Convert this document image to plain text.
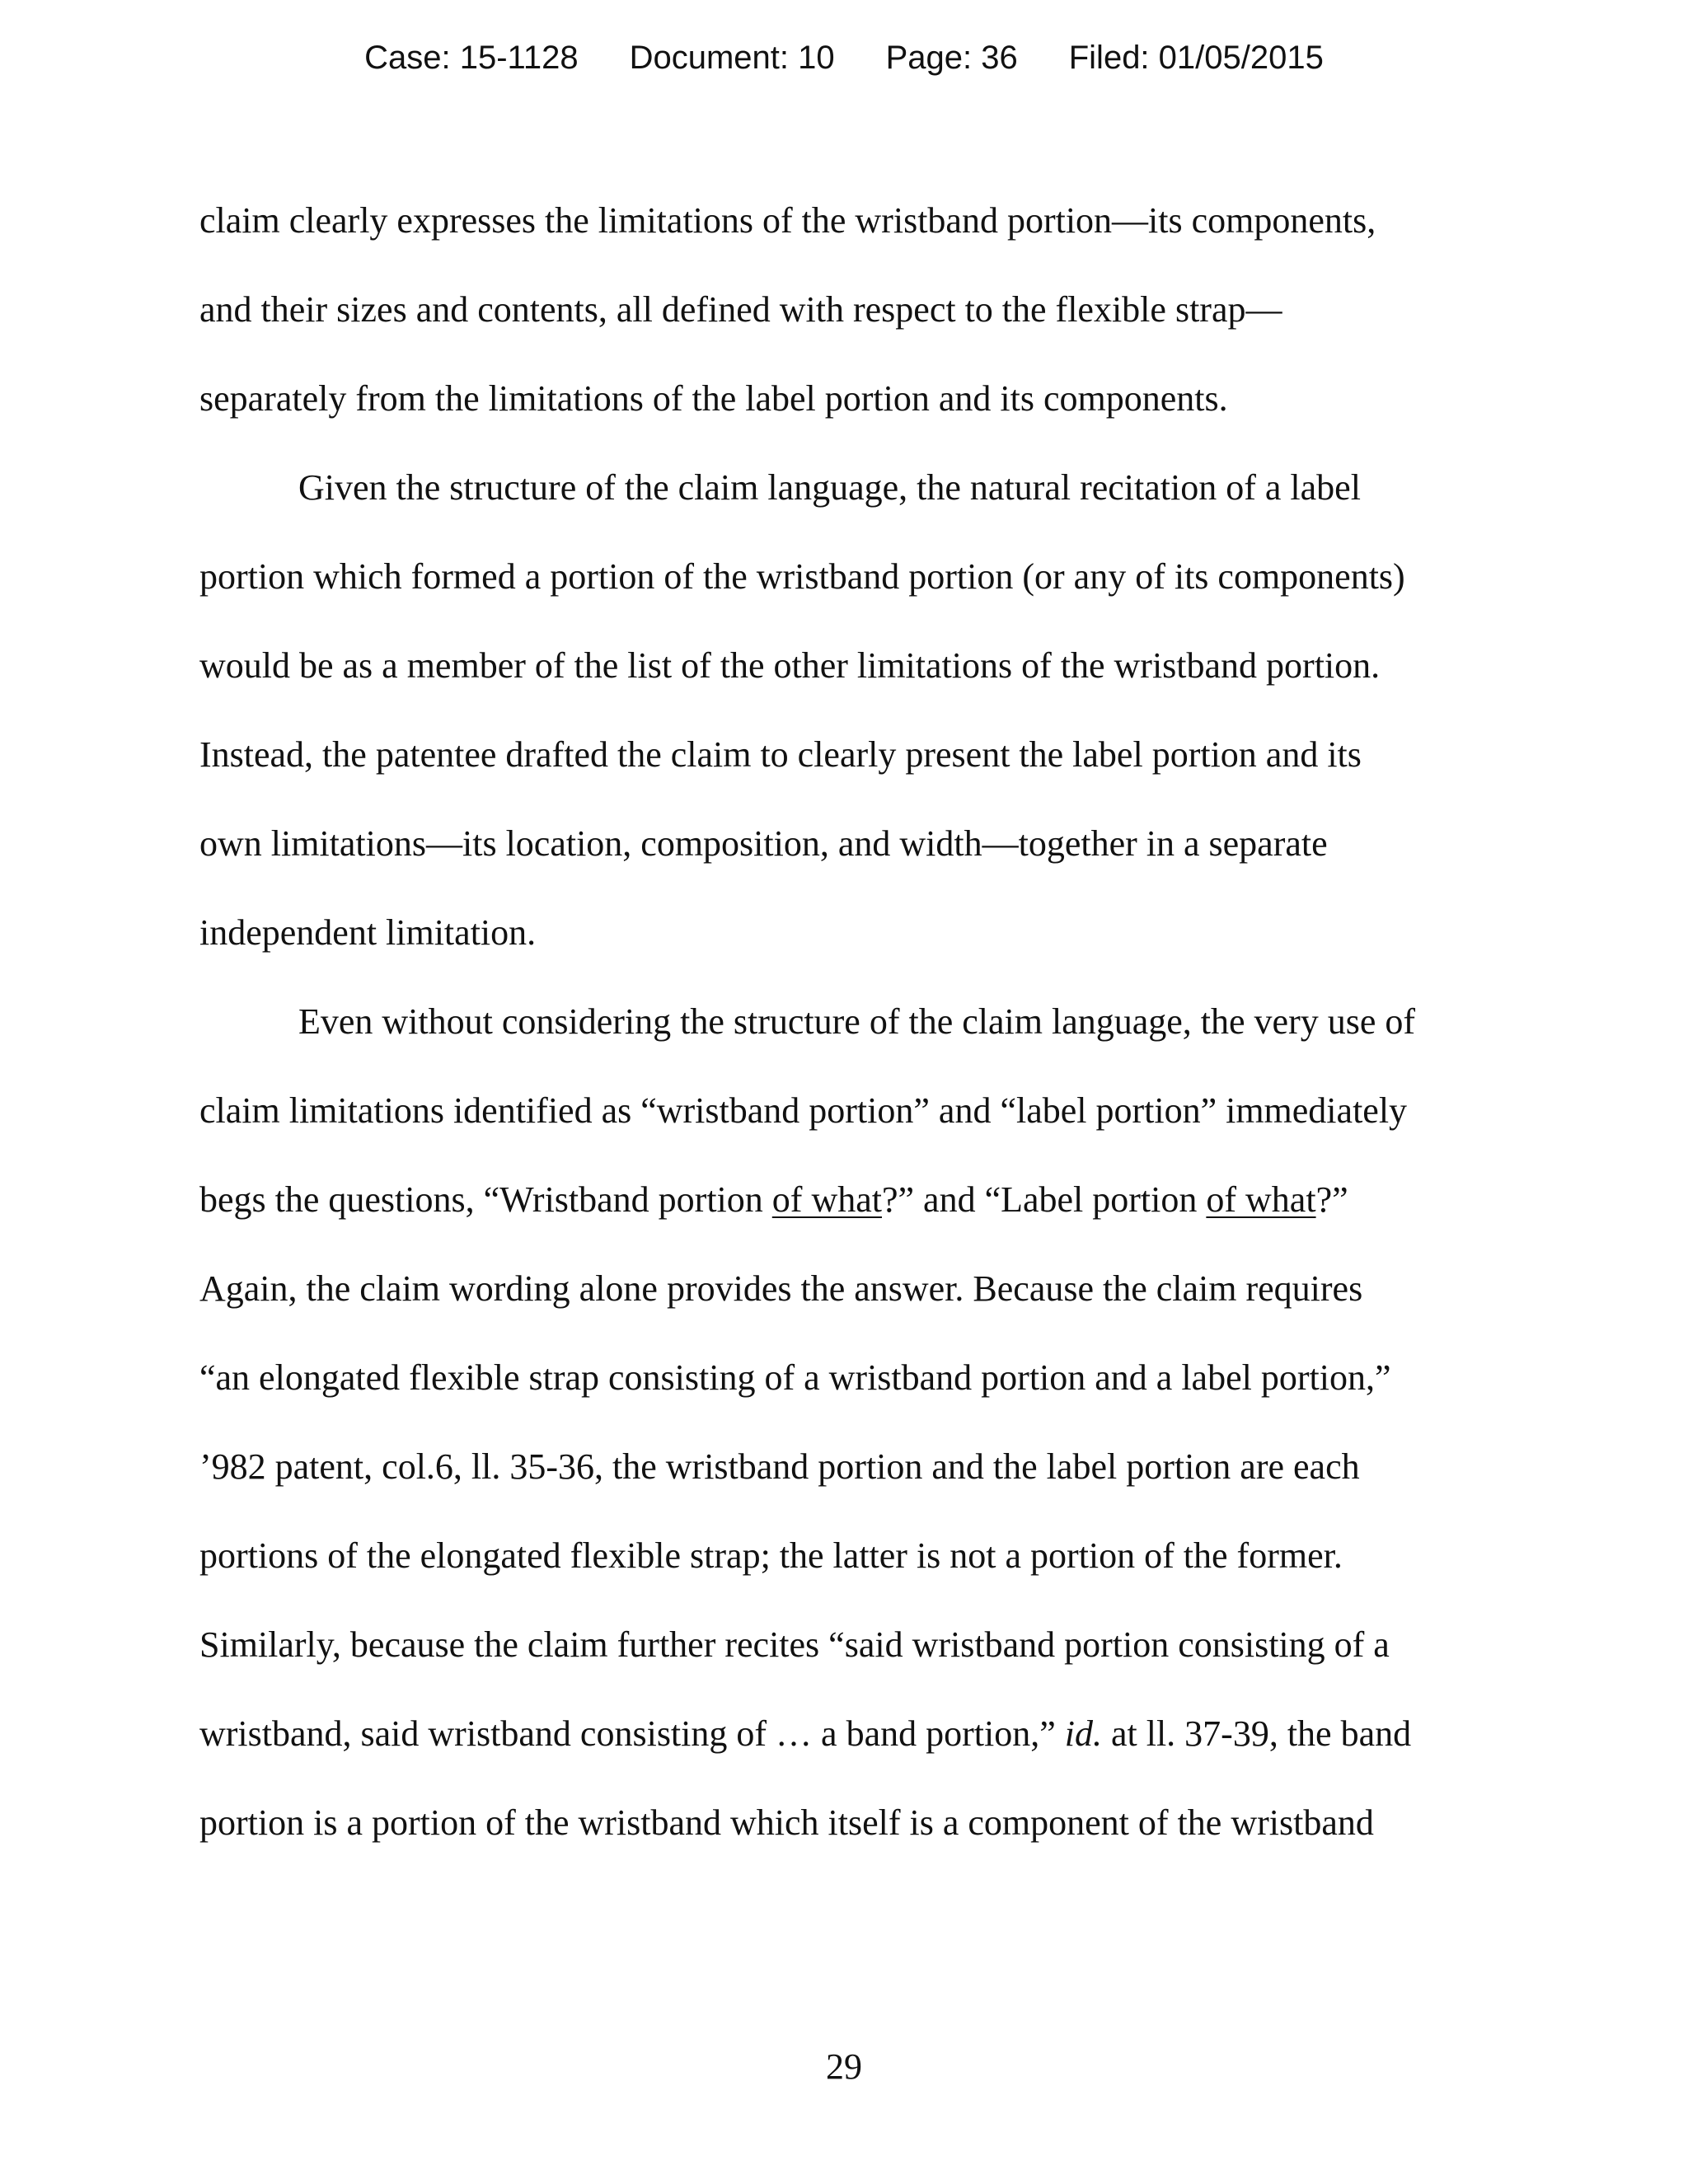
Case: 15-1128 Document: 10 Page: 36 Filed: 01/05/2015
claim clearly expresses the limitations of the wristband portion—its components,
and their sizes and contents, all defined with respect to the flexible strap—
separately from the limitations of the label portion and its components.
Given the structure of the claim language, the natural recitation of a label
portion which formed a portion of the wristband portion (or any of its components)
would be as a member of the list of the other limitations of the wristband portion.
Instead, the patentee drafted the claim to clearly present the label portion and its
own limitations—its location, composition, and width—together in a separate
independent limitation.
Even without considering the structure of the claim language, the very use of
claim limitations identified as “wristband portion” and “label portion” immediately
begs the questions, “Wristband portion of what?” and “Label portion of what?”
Again, the claim wording alone provides the answer. Because the claim requires
“an elongated flexible strap consisting of a wristband portion and a label portion,”
’982 patent, col.6, ll. 35-36, the wristband portion and the label portion are each
portions of the elongated flexible strap; the latter is not a portion of the former.
Similarly, because the claim further recites “said wristband portion consisting of a
wristband, said wristband consisting of … a band portion,” id. at ll. 37-39, the band
portion is a portion of the wristband which itself is a component of the wristband
29
